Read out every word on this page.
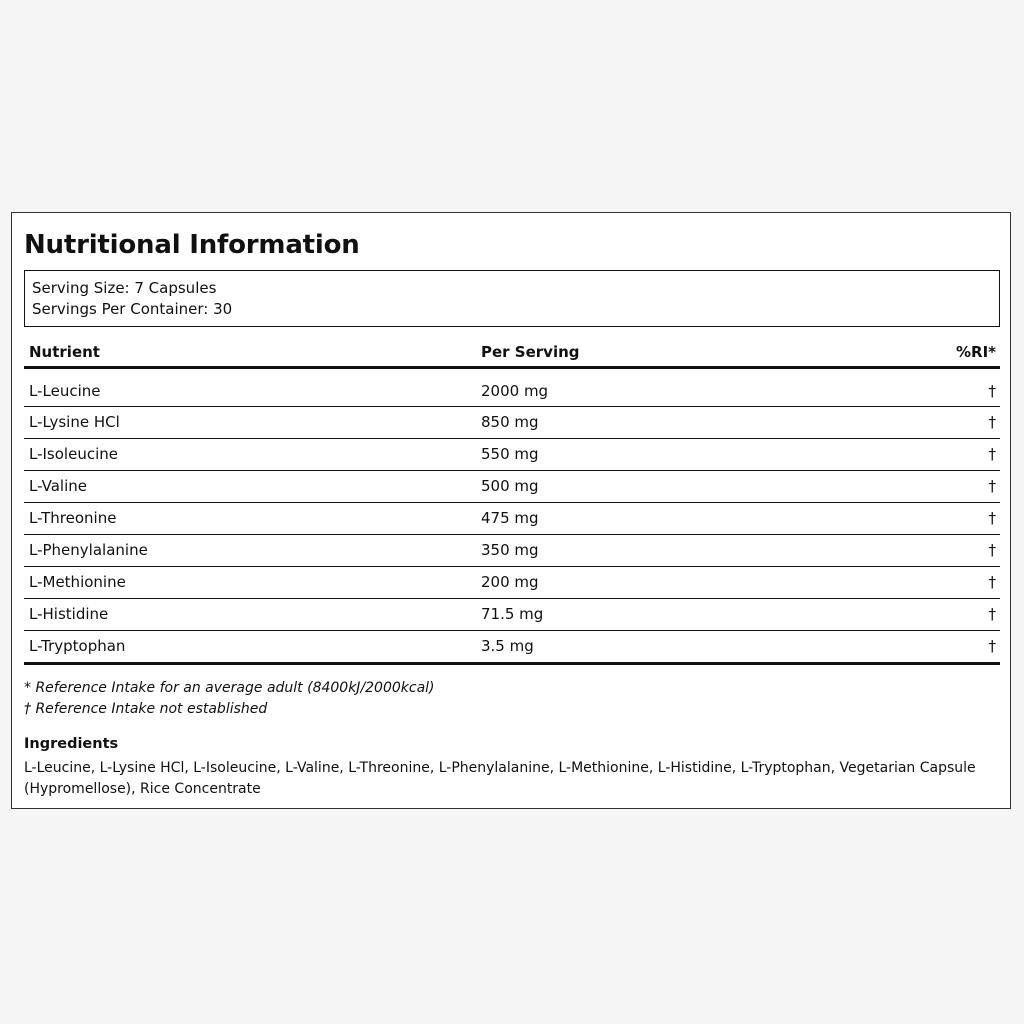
Nutritional Information
Serving Size: 7 Capsules
Servings Per Container: 30
Nutrient	Per Serving	%RI*
L-Leucine	2000 mg	†
L-Lysine HCl	850 mg	†
L-Isoleucine	550 mg	†
L-Valine	500 mg	†
L-Threonine	475 mg	†
L-Phenylalanine	350 mg	†
L-Methionine	200 mg	†
L-Histidine	71.5 mg	†
L-Tryptophan	3.5 mg	†
* Reference Intake for an average adult (8400kJ/2000kcal)
† Reference Intake not established
Ingredients
L-Leucine, L-Lysine HCl, L-Isoleucine, L-Valine, L-Threonine, L-Phenylalanine, L-Methionine, L-Histidine, L-Tryptophan, Vegetarian Capsule (Hypromellose), Rice Concentrate
